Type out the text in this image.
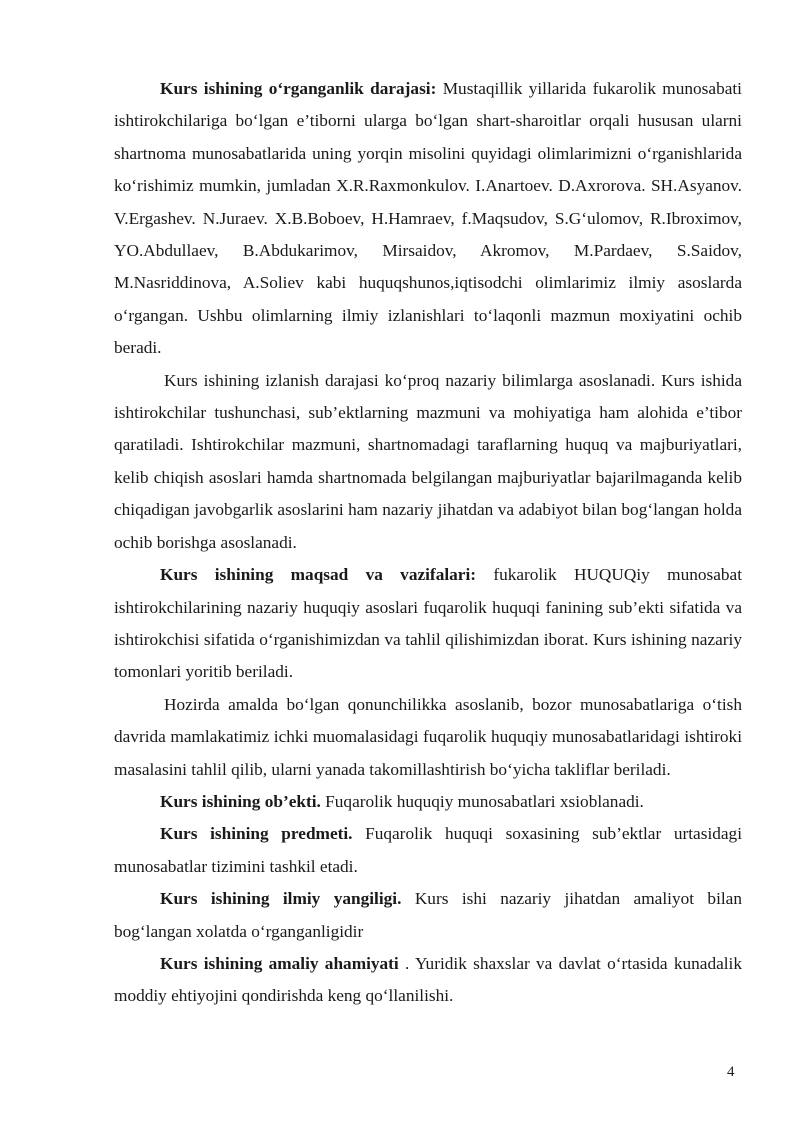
Kurs ishining o‘rganganlik darajasi: Mustaqillik yillarida fukarolik munosabati ishtirokchilariga bo‘lgan e’tiborni ularga bo‘lgan shart-sharoitlar orqali hususan ularni shartnoma munosabatlarida uning yorqin misolini quyidagi olimlarimizni o‘rganishlarida ko‘rishimiz mumkin, jumladan X.R.Raxmonkulov. I.Anartoev. D.Axrorova. SH.Asyanov. V.Ergashev. N.Juraev. X.B.Boboev, H.Hamraev, f.Maqsudov, S.G‘ulomov, R.Ibroximov, YO.Abdullaev, B.Abdukarimov, Mirsaidov, Akromov, M.Pardaev, S.Saidov, M.Nasriddinova, A.Soliev kabi huquqshunos,iqtisodchi olimlarimiz ilmiy asoslarda o‘rgangan. Ushbu olimlarning ilmiy izlanishlari to‘laqonli mazmun moxiyatini ochib beradi.

Kurs ishining izlanish darajasi ko‘proq nazariy bilimlarga asoslanadi. Kurs ishida ishtirokchilar tushunchasi, sub’ektlarning mazmuni va mohiyatiga ham alohida e’tibor qaratiladi. Ishtirokchilar mazmuni, shartnomadagi taraflarning huquq va majburiyatlari, kelib chiqish asoslari hamda shartnomada belgilangan majburiyatlar bajarilmaganda kelib chiqadigan javobgarlik asoslarini ham nazariy jihatdan va adabiyot bilan bog‘langan holda ochib borishga asoslanadi.

Kurs ishining maqsad va vazifalari: fukarolik HUQUQiy munosabat ishtirokchilarining nazariy huquqiy asoslari fuqarolik huquqi fanining sub’ekti sifatida va ishtirokchisi sifatida o‘rganishimizdan va tahlil qilishimizdan iborat. Kurs ishining nazariy tomonlari yoritib beriladi.

Hozirda amalda bo‘lgan qonunchilikka asoslanib, bozor munosabatlariga o‘tish davrida mamlakatimiz ichki muomalasidagi fuqarolik huquqiy munosabatlaridagi ishtiroki masalasini tahlil qilib, ularni yanada takomillashtirish bo‘yicha takliflar beriladi.

Kurs ishining ob’ekti. Fuqarolik huquqiy munosabatlari xsioblanadi.

Kurs ishining predmeti. Fuqarolik huquqi soxasining sub’ektlar urtasidagi munosabatlar tizimini tashkil etadi.

Kurs ishining ilmiy yangiligi. Kurs ishi nazariy jihatdan amaliyot bilan bog‘langan xolatda o‘rganganligidir

Kurs ishining amaliy ahamiyati . Yuridik shaxslar va davlat o‘rtasida kunadalik moddiy ehtiyojini qondirishda keng qo‘llanilishi.

4
